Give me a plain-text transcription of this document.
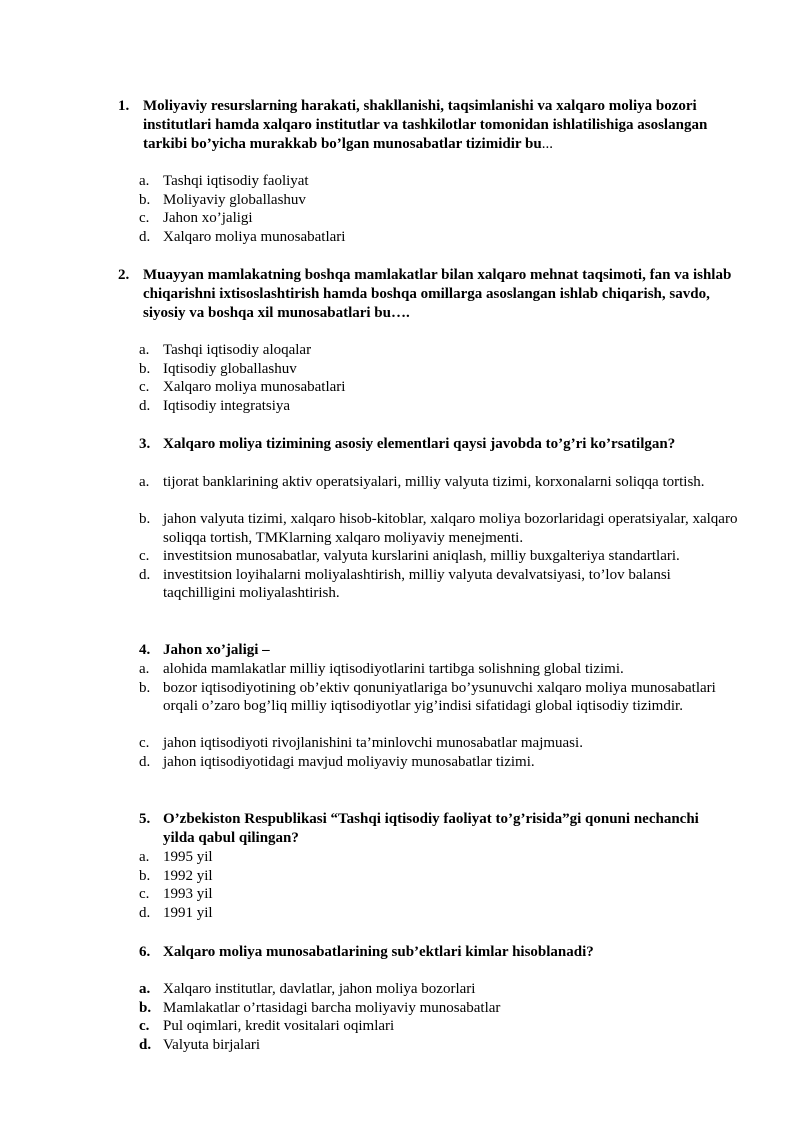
1. Moliyaviy resurslarning harakati, shakllanishi, taqsimlanishi va xalqaro moliya bozori institutlari hamda xalqaro institutlar va tashkilotlar tomonidan ishlatilishiga asoslangan tarkibi bo’yicha murakkab bo’lgan munosabatlar tizimidir bu...
a. Tashqi iqtisodiy faoliyat
b. Moliyaviy globallashuv
c. Jahon xo’jaligi
d. Xalqaro moliya munosabatlari
2. Muayyan mamlakatning boshqa mamlakatlar bilan xalqaro mehnat taqsimoti, fan va ishlab chiqarishni ixtisoslashtirish hamda boshqa omillarga asoslangan ishlab chiqarish, savdo, siyosiy va boshqa xil munosabatlari bu….
a. Tashqi iqtisodiy aloqalar
b. Iqtisodiy globallashuv
c. Xalqaro moliya munosabatlari
d. Iqtisodiy integratsiya
3. Xalqaro moliya tizimining asosiy elementlari qaysi javobda to’g’ri ko’rsatilgan?
a. tijorat banklarining aktiv operatsiyalari, milliy valyuta tizimi, korxonalarni soliqqa tortish.
b. jahon valyuta tizimi, xalqaro hisob-kitoblar, xalqaro moliya bozorlaridagi operatsiyalar, xalqaro soliqqa tortish, TMKlarning xalqaro moliyaviy menejmenti.
c. investitsion munosabatlar, valyuta kurslarini aniqlash, milliy buxgalteriya standartlari.
d. investitsion loyihalarni moliyalashtirish, milliy valyuta devalvatsiyasi, to’lov balansi taqchilligini moliyalashtirish.
4. Jahon xo’jaligi –
a. alohida mamlakatlar milliy iqtisodiyotlarini tartibga solishning global tizimi.
b. bozor iqtisodiyotining ob’ektiv qonuniyatlariga bo’ysunuvchi xalqaro moliya munosabatlari orqali o’zaro bog’liq milliy iqtisodiyotlar yig’indisi sifatidagi global iqtisodiy tizimdir.
c. jahon iqtisodiyoti rivojlanishini ta’minlovchi munosabatlar majmuasi.
d. jahon iqtisodiyotidagi mavjud moliyaviy munosabatlar tizimi.
5. O’zbekiston Respublikasi “Tashqi iqtisodiy faoliyat to’g’risida”gi qonuni nechanchi yilda qabul qilingan?
a. 1995 yil
b. 1992 yil
c. 1993 yil
d. 1991 yil
6. Xalqaro moliya munosabatlarining sub’ektlari kimlar hisoblanadi?
a. Xalqaro institutlar, davlatlar, jahon moliya bozorlari
b. Mamlakatlar o’rtasidagi barcha moliyaviy munosabatlar
c. Pul oqimlari, kredit vositalari oqimlari
d. Valyuta birjalari
